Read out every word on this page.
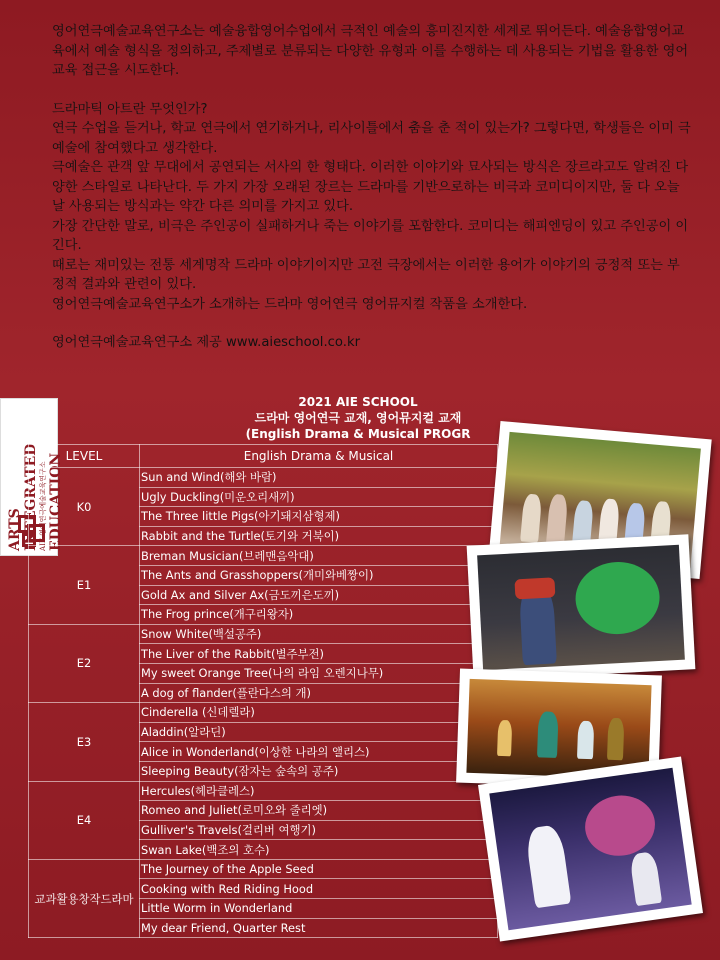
영어연극예술교육연구소는 예술융합영어수업에서 극적인 예술의 흥미진지한 세계로 뛰어든다. 예술융합영어교육에서 예술 형식을 정의하고, 주제별로 분류되는 다양한 유형과 이를 수행하는 데 사용되는 기법을 활용한 영어교육 접근을 시도한다.

드라마틱 아트란 무엇인가?

연극 수업을 듣거나, 학교 연극에서 연기하거나, 리사이틀에서 춤을 춘 적이 있는가? 그렇다면, 학생들은 이미 극예술에 참여했다고 생각한다.

극예술은 관객 앞 무대에서 공연되는 서사의 한 형태다. 이러한 이야기와 묘사되는 방식은 장르라고도 알려진 다양한 스타일로 나타난다. 두 가지 가장 오래된 장르는 드라마를 기반으로하는 비극과 코미디이지만, 둘 다 오늘날 사용되는 방식과는 약간 다른 의미를 가지고 있다.

가장 간단한 말로, 비극은 주인공이 실패하거나 죽는 이야기를 포함한다. 코미디는 해피엔딩이 있고 주인공이 이긴다.

때로는 재미있는 전통 세계명작 드라마 이야기이지만 고전 극장에서는 이러한 용어가 이야기의 긍정적 또는 부정적 결과와 관련이 있다.

영어연극예술교육연구소가 소개하는 드라마 영어연극 영어뮤지컬 작품을 소개한다.

영어연극예술교육연구소 제공 www.aieschool.co.kr

2021 AIE SCHOOL
드라마 영어연극 교재, 영어뮤지컬 교재
(English Drama & Musical PROGR
ARTS INTEGRATED AIE 영어연극예술교육연구소 EDUCATION LEVEL	English Drama & Musical
K0	Sun and Wind(해와 바람)
	Ugly Duckling(미운오리새끼)
	The Three little Pigs(아기돼지삼형제)
	Rabbit and the Turtle(토기와 거북이)
E1	Breman Musician(브레맨음악대)
	The Ants and Grasshoppers(개미와베짱이)
	Gold Ax and Silver Ax(금도끼은도끼)
	The Frog prince(개구리왕자)
E2	Snow White(백설공주)
	The Liver of the Rabbit(별주부전)
	My sweet Orange Tree(나의 라임 오렌지나무)
	A dog of flander(플란다스의 개)
E3	Cinderella (신데렐라)
	Aladdin(알라딘)
	Alice in Wonderland(이상한 나라의 앨리스)
	Sleeping Beauty(잠자는 숲속의 공주)
E4	Hercules(헤라클레스)
	Romeo and Juliet(로미오와 줄리엣)
	Gulliver's Travels(걸리버 여행기)
	Swan Lake(백조의 호수)
교과활용창작드라마	The Journey of the Apple Seed
	Cooking with Red Riding Hood
	Little Worm in Wonderland
	My dear Friend, Quarter Rest
